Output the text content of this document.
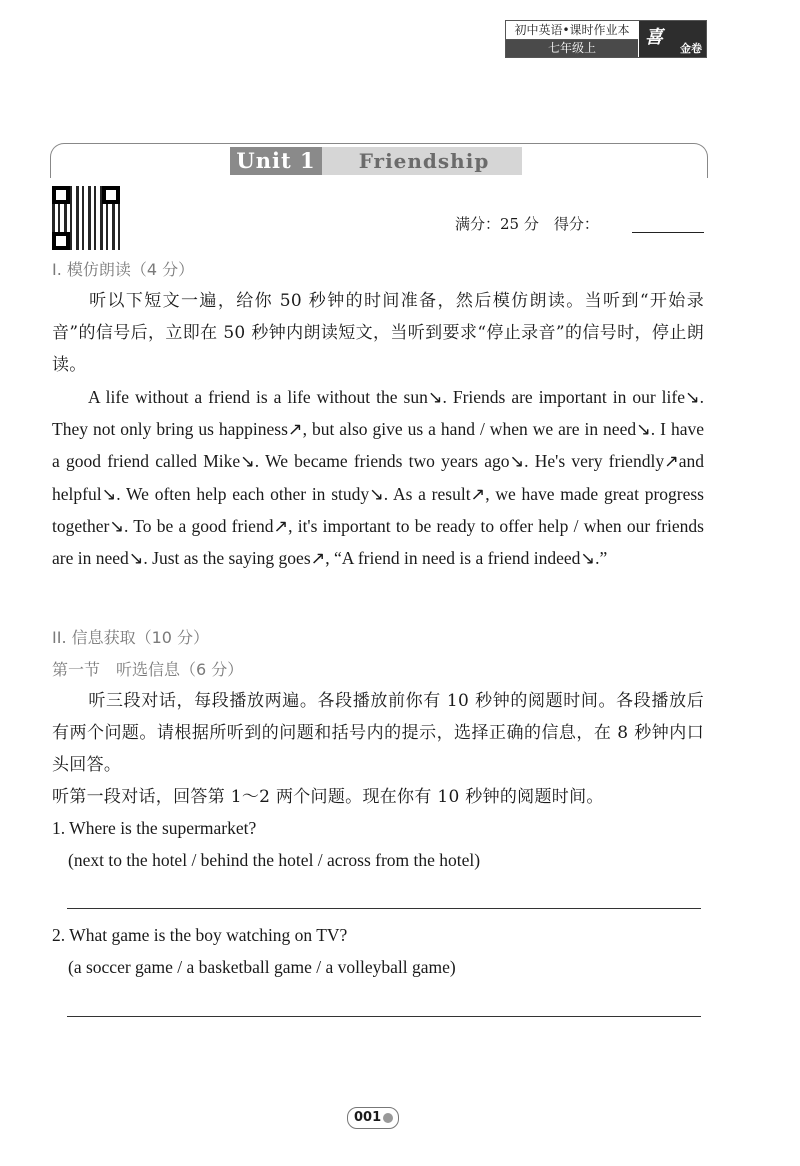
初中英语•课时作业本
七年级上	喜
金卷
Unit 1	Friendship
满分：25 分　得分：
I. 模仿朗读（4 分）
听以下短文一遍，给你 50 秒钟的时间准备，然后模仿朗读。当听到“开始录音”的信号后，立即在 50 秒钟内朗读短文，当听到要求“停止录音”的信号时，停止朗读。
A life without a friend is a life without the sun↘. Friends are important in our life↘. They not only bring us happiness↗, but also give us a hand / when we are in need↘. I have a good friend called Mike↘. We became friends two years ago↘. He's very friendly↗and helpful↘. We often help each other in study↘. As a result↗, we have made great progress together↘. To be a good friend↗, it's important to be ready to offer help / when our friends are in need↘. Just as the saying goes↗, “A friend in need is a friend indeed↘.”
II. 信息获取（10 分）
第一节　听选信息（6 分）
听三段对话，每段播放两遍。各段播放前你有 10 秒钟的阅题时间。各段播放后有两个问题。请根据所听到的问题和括号内的提示，选择正确的信息，在 8 秒钟内口头回答。
听第一段对话，回答第 1～2 两个问题。现在你有 10 秒钟的阅题时间。
1. Where is the supermarket?
(next to the hotel / behind the hotel / across from the hotel)
2. What game is the boy watching on TV?
(a soccer game / a basketball game / a volleyball game)
001
